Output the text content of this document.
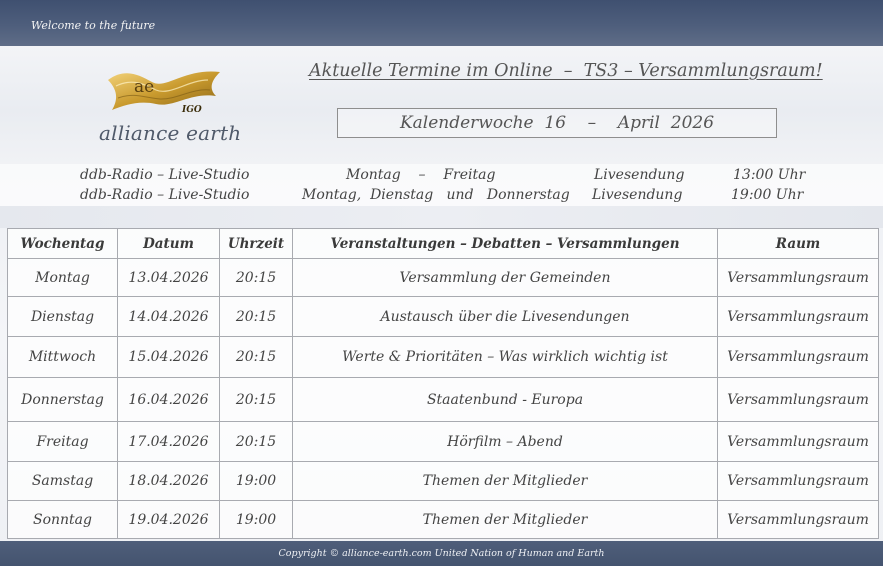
Welcome to the future
ae
IGO
alliance earth
Aktuelle Termine im Online  –  TS3 – Versammlungsraum!
Kalenderwoche  16    –    April  2026
ddb-Radio – Live-Studio	Montag    –    Freitag	Livesendung	13:00 Uhr
ddb-Radio – Live-Studio	Montag,  Dienstag   und   Donnerstag Livesendung	19:00 Uhr
Wochentag	Datum	Uhrzeit	Veranstaltungen – Debatten – Versammlungen	Raum
Montag	13.04.2026	20:15	Versammlung der Gemeinden	Versammlungsraum
Dienstag	14.04.2026	20:15	Austausch über die Livesendungen	Versammlungsraum
Mittwoch	15.04.2026	20:15	Werte & Prioritäten – Was wirklich wichtig ist	Versammlungsraum
Donnerstag	16.04.2026	20:15	Staatenbund - Europa	Versammlungsraum
Freitag	17.04.2026	20:15	Hörfilm – Abend	Versammlungsraum
Samstag	18.04.2026	19:00	Themen der Mitglieder	Versammlungsraum
Sonntag	19.04.2026	19:00	Themen der Mitglieder	Versammlungsraum
Copyright © alliance-earth.com United Nation of Human and Earth
